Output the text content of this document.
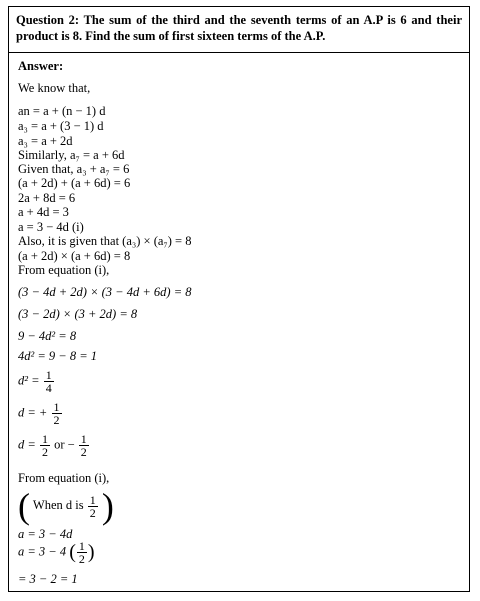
Question 2: The sum of the third and the seventh terms of an A.P is 6 and their product is 8. Find the sum of first sixteen terms of the A.P.
Answer:
We know that,
an = a + (n − 1) d
a₃ = a + (3 − 1) d
a₃ = a + 2d
Similarly, a₇ = a + 6d
Given that, a₃ + a₇ = 6
(a + 2d) + (a + 6d) = 6
2a + 8d = 6
a + 4d = 3
a = 3 − 4d (i)
Also, it is given that (a₃) × (a₇) = 8
(a + 2d) × (a + 6d) = 8
From equation (i),
(3 − 4d + 2d) × (3 − 4d + 6d) = 8
(3 − 2d) × (3 + 2d) = 8
9 − 4d² = 8
4d² = 9 − 8 = 1
$d^2 = \frac{1}{4}$
d = + $\frac{1}{2}$
$d = \frac{1}{2}$ or − $\frac{1}{2}$
From equation (i),
( When d is $\frac{1}{2}$ )
a = 3 − 4d
a = 3 − 4 ( $\frac{1}{2}$ )
= 3 − 2 = 1
